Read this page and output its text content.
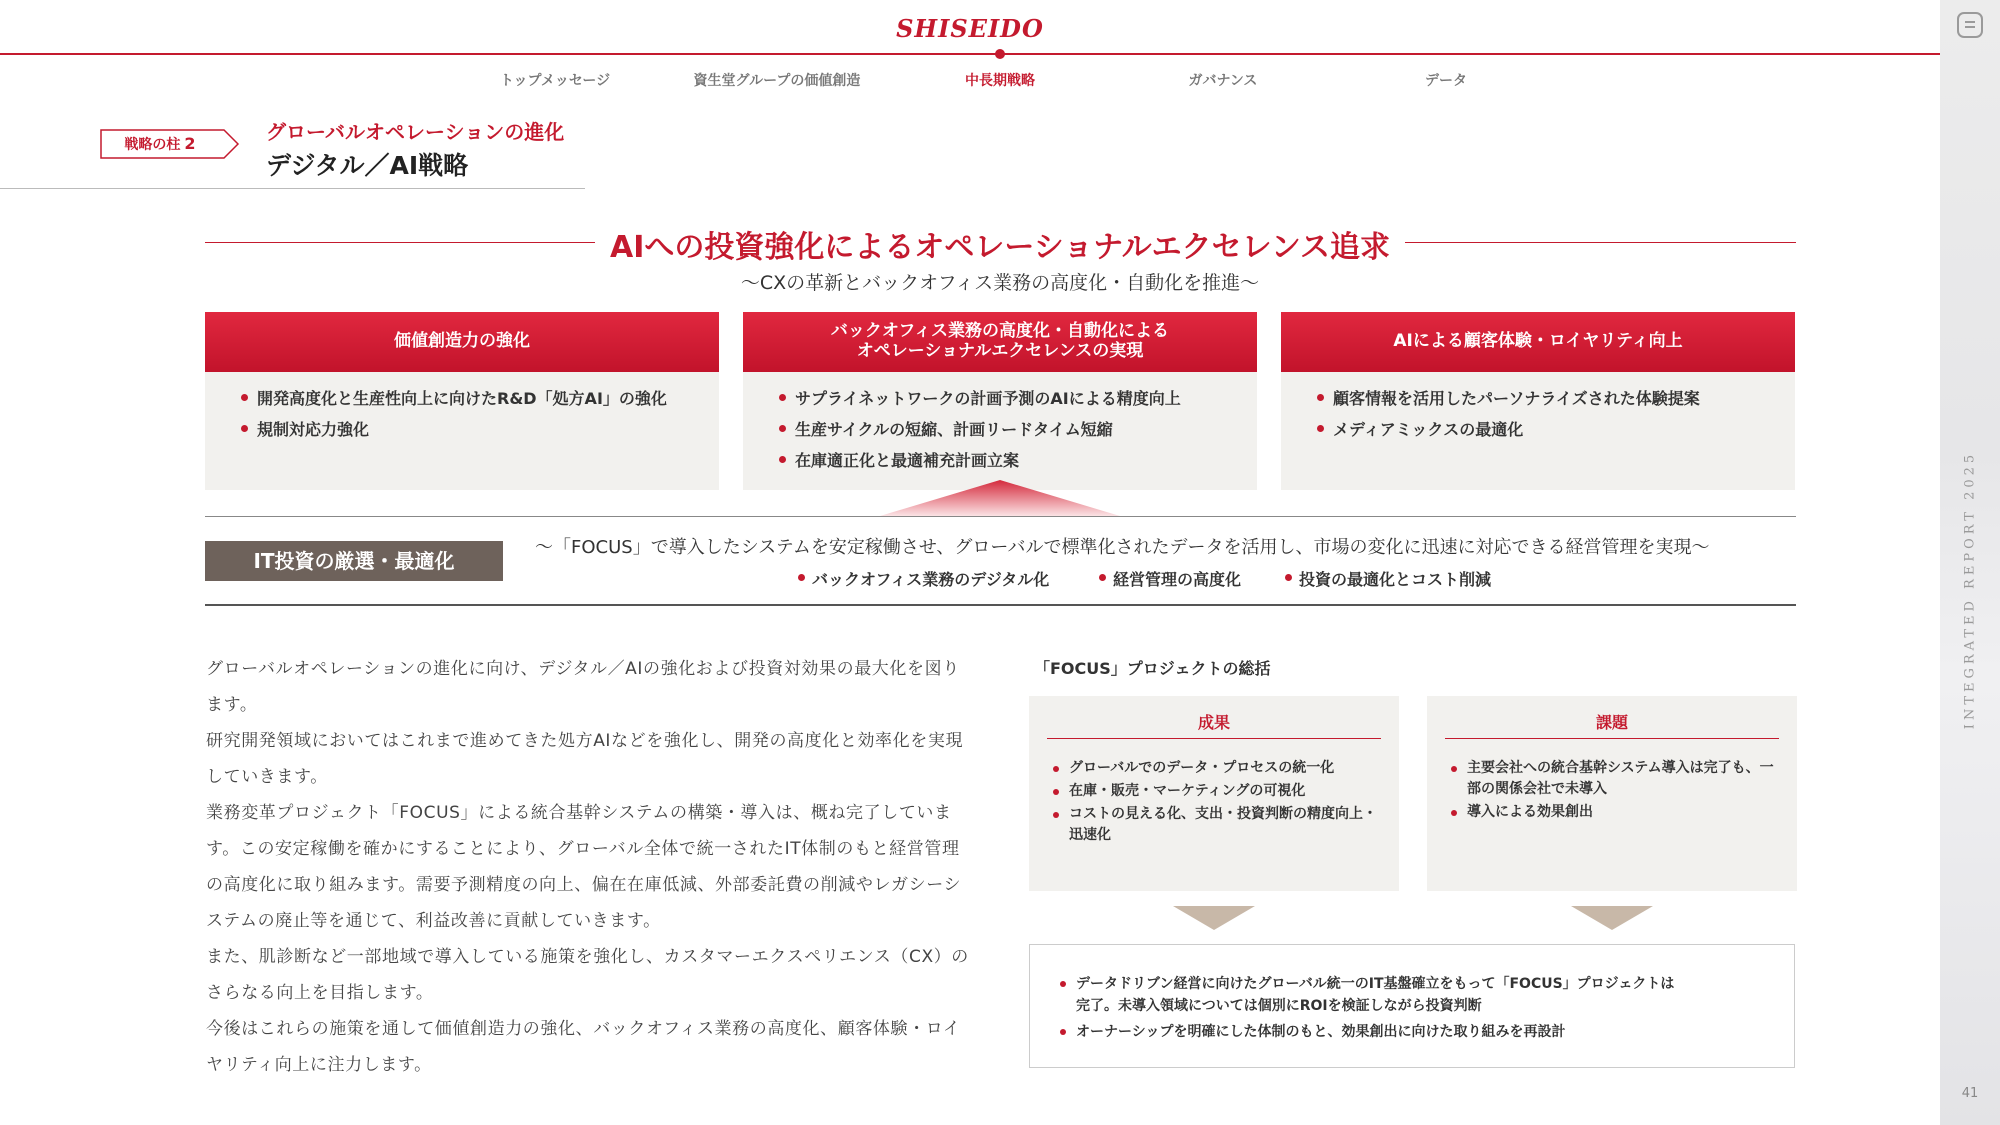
INTEGRATED REPORT 2025
41
SHISEIDO
トップメッセージ	資生堂グループの価値創造	中長期戦略	ガバナンス	データ
戦略の柱 2	グローバルオペレーションの進化
デジタル／AI戦略
AIへの投資強化によるオペレーショナルエクセレンス追求
〜CXの革新とバックオフィス業務の高度化・自動化を推進〜
価値創造力の強化
開発高度化と生産性向上に向けたR&D「処方AI」の強化
規制対応力強化
バックオフィス業務の高度化・自動化による
オペレーショナルエクセレンスの実現
サプライネットワークの計画予測のAIによる精度向上
生産サイクルの短縮、計画リードタイム短縮
在庫適正化と最適補充計画立案
AIによる顧客体験・ロイヤリティ向上
顧客情報を活用したパーソナライズされた体験提案
メディアミックスの最適化
IT投資の厳選・最適化
〜「FOCUS」で導入したシステムを安定稼働させ、グローバルで標準化されたデータを活用し、市場の変化に迅速に対応できる経営管理を実現〜
バックオフィス業務のデジタル化	経営管理の高度化	投資の最適化とコスト削減

グローバルオペレーションの進化に向け、デジタル／AIの強化および投資対効果の最大化を図ります。

研究開発領域においてはこれまで進めてきた処方AIなどを強化し、開発の高度化と効率化を実現していきます。

業務変革プロジェクト「FOCUS」による統合基幹システムの構築・導入は、概ね完了しています。この安定稼働を確かにすることにより、グローバル全体で統一されたIT体制のもと経営管理の高度化に取り組みます。需要予測精度の向上、偏在在庫低減、外部委託費の削減やレガシーシステムの廃止等を通じて、利益改善に貢献していきます。

また、肌診断など一部地域で導入している施策を強化し、カスタマーエクスペリエンス（CX）のさらなる向上を目指します。

今後はこれらの施策を通して価値創造力の強化、バックオフィス業務の高度化、顧客体験・ロイヤリティ向上に注力します。

「FOCUS」プロジェクトの総括
成果
グローバルでのデータ・プロセスの統一化
在庫・販売・マーケティングの可視化
コストの見える化、支出・投資判断の精度向上・迅速化
課題
主要会社への統合基幹システム導入は完了も、一部の関係会社で未導入
導入による効果創出
データドリブン経営に向けたグローバル統一のIT基盤確立をもって「FOCUS」プロジェクトは
完了。未導入領域については個別にROIを検証しながら投資判断
オーナーシップを明確にした体制のもと、効果創出に向けた取り組みを再設計
